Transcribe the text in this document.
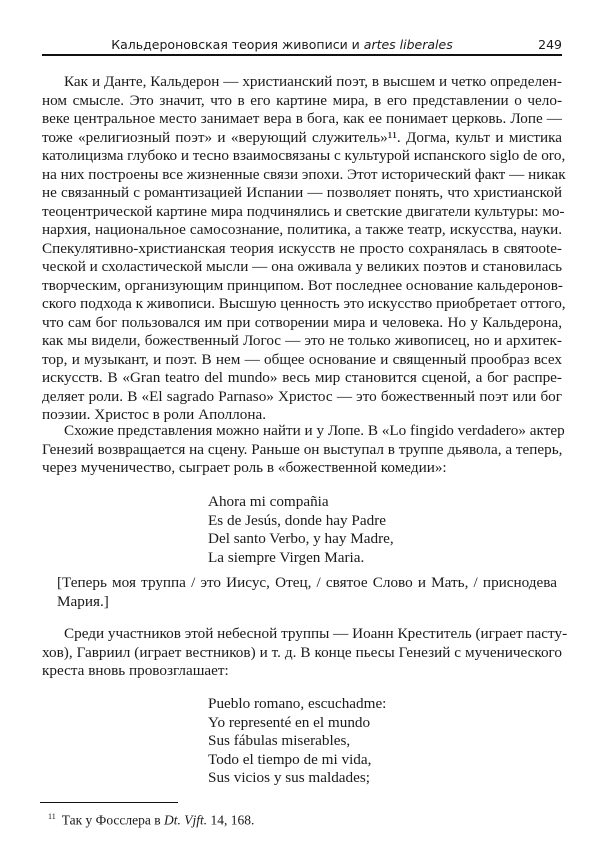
Кальдероновская теория живописи и artes liberales	249
Как и Данте, Кальдерон — христианский поэт, в высшем и четко определен-
ном смысле. Это значит, что в его картине мира, в его представлении о чело-
веке центральное место занимает вера в бога, как ее понимает церковь. Лопе —
тоже «религиозный поэт» и «верующий служитель»¹¹. Догма, культ и мистика
католицизма глубоко и тесно взаимосвязаны с культурой испанского siglo de oro,
на них построены все жизненные связи эпохи. Этот исторический факт — никак
не связанный с романтизацией Испании — позволяет понять, что христианской
теоцентрической картине мира подчинялись и светские двигатели культуры: мо-
нархия, национальное самосознание, политика, а также театр, искусства, науки.
Спекулятивно-христианская теория искусств не просто сохранялась в святоote-
ческой и схоластической мысли — она оживала у великих поэтов и становилась
творческим, организующим принципом. Вот последнее основание кальдеронов-
ского подхода к живописи. Высшую ценность это искусство приобретает оттого,
что сам бог пользовался им при сотворении мира и человека. Но у Кальдерона,
как мы видели, божественный Логос — это не только живописец, но и архитек-
тор, и музыкант, и поэт. В нем — общее основание и священный прообраз всех
искусств. В «Gran teatro del mundo» весь мир становится сценой, а бог распре-
деляет роли. В «El sagrado Parnaso» Христос — это божественный поэт или бог
поэзии. Христос в роли Аполлона.
Схожие представления можно найти и у Лопе. В «Lo fingido verdadero» актер
Генезий возвращается на сцену. Раньше он выступал в труппе дьявола, а теперь,
через мученичество, сыграет роль в «божественной комедии»:
Ahora mi compañia
Es de Jesús, donde hay Padre
Del santo Verbo, y hay Madre,
La siempre Virgen Maria.
[Теперь моя труппа / это Иисус, Отец, / святое Слово и Мать, / приснодева
Мария.]
Среди участников этой небесной труппы — Иоанн Креститель (играет пасту-
хов), Гавриил (играет вестников) и т. д. В конце пьесы Генезий с мученического
креста вновь провозглашает:
Pueblo romano, escuchadme:
Yo representé en el mundo
Sus fábulas miserables,
Todo el tiempo de mi vida,
Sus vicios y sus maldades;
$^{11}$ Так у Фосслера в Dt. Vjft. 14, 168.
